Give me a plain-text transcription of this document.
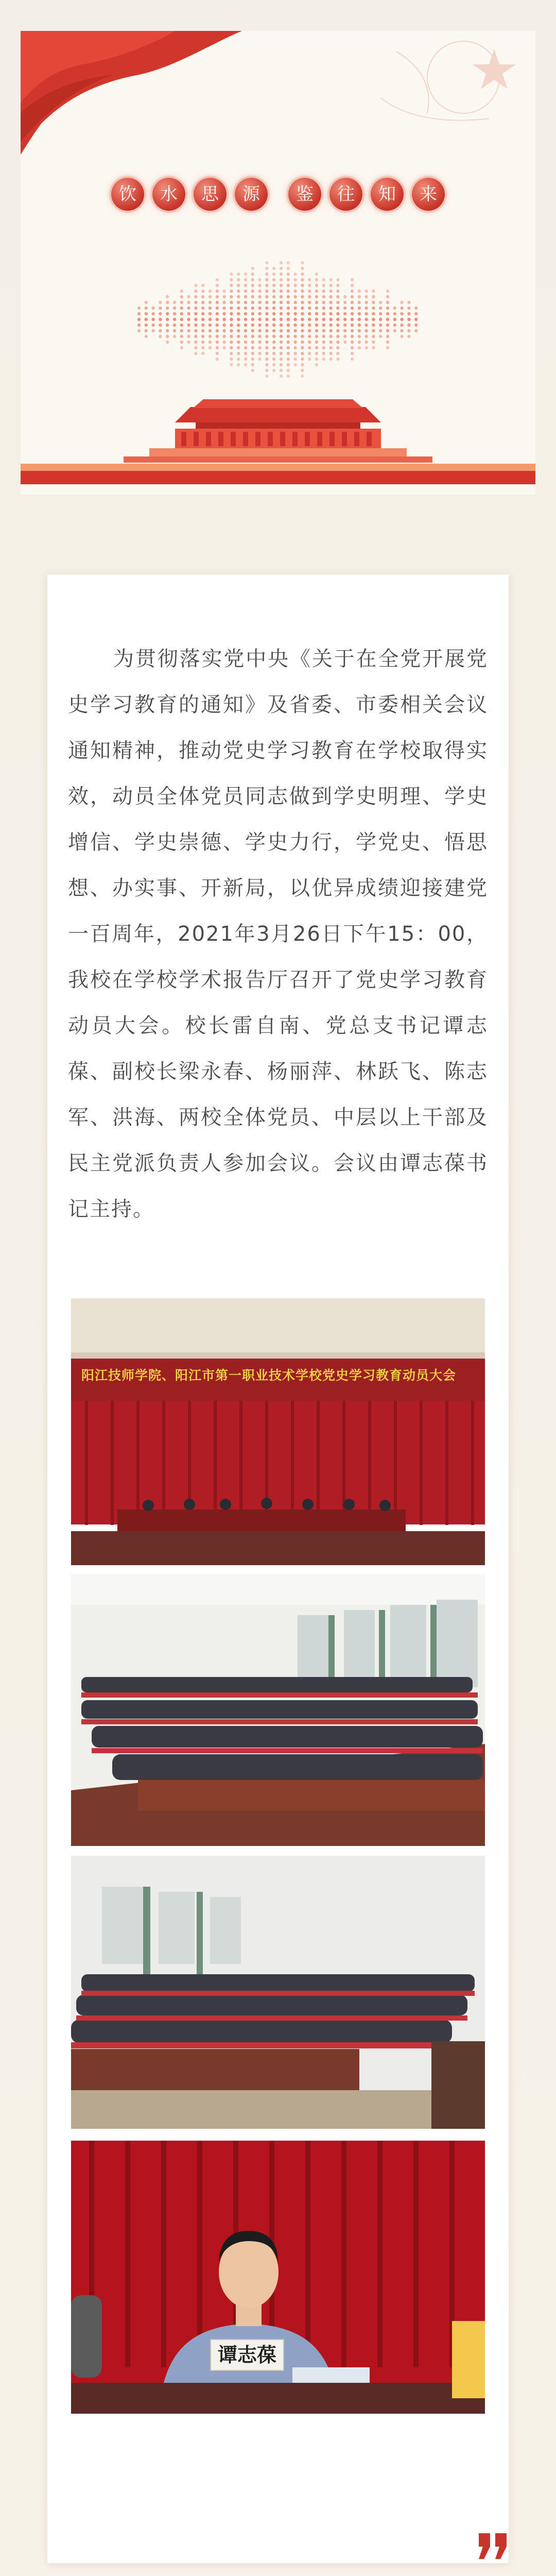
饮	水	思	源	鉴	往	知	来

为贯彻落实党中央《关于在全党开展党史学习教育的通知》及省委、市委相关会议通知精神，推动党史学习教育在学校取得实效，动员全体党员同志做到学史明理、学史增信、学史崇德、学史力行，学党史、悟思想、办实事、开新局，以优异成绩迎接建党一百周年，2021年3月26日下午15：00，我校在学校学术报告厅召开了党史学习教育动员大会。校长雷自南、党总支书记谭志葆、副校长梁永春、杨丽萍、林跃飞、陈志军、洪海、两校全体党员、中层以上干部及民主党派负责人参加会议。会议由谭志葆书记主持。

阳江技师学院、阳江市第一职业技术学校党史学习教育动员大会
谭志葆
